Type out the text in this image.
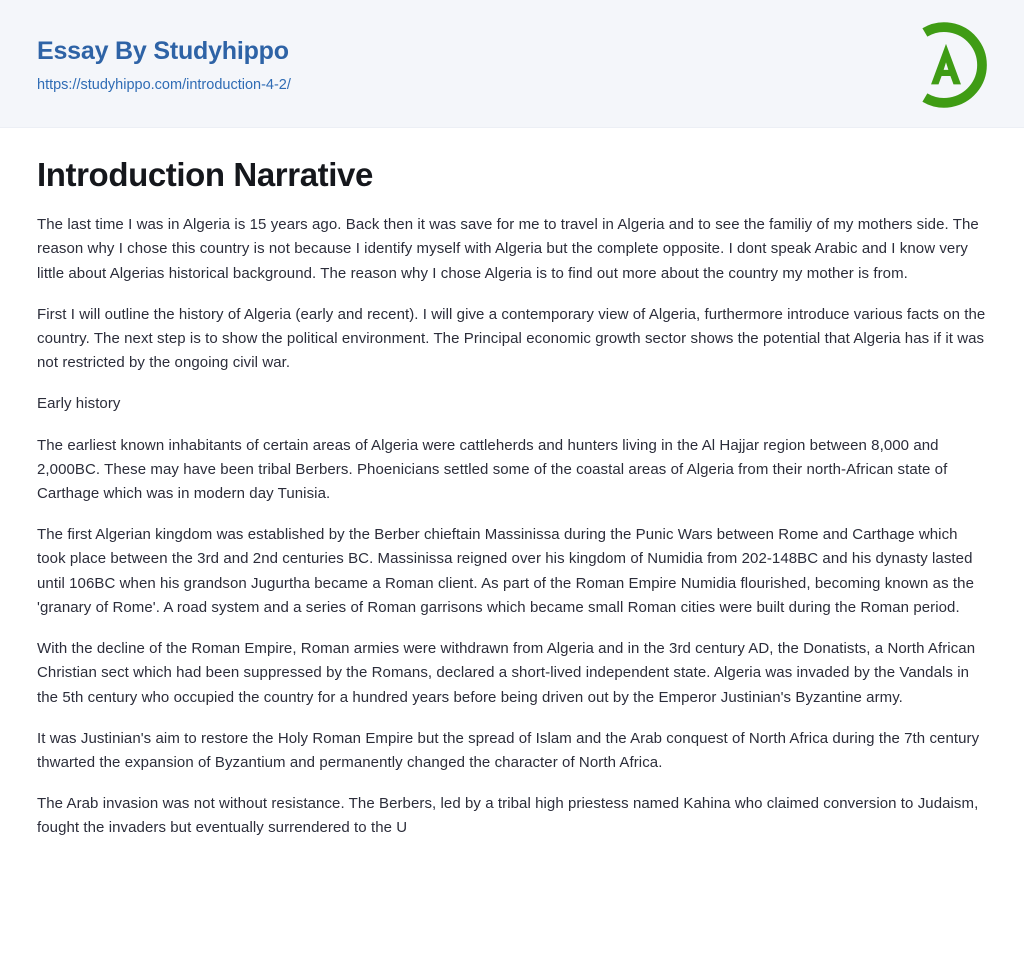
Essay By Studyhippo
https://studyhippo.com/introduction-4-2/
Introduction Narrative

The last time I was in Algeria is 15 years ago. Back then it was save for me to travel in Algeria and to see the familiy of my mothers side. The reason why I chose this country is not because I identify myself with Algeria but the complete opposite. I dont speak Arabic and I know very little about Algerias historical background. The reason why I chose Algeria is to find out more about the country my mother is from.

First I will outline the history of Algeria (early and recent). I will give a contemporary view of Algeria, furthermore introduce various facts on the country. The next step is to show the political environment. The Principal economic growth sector shows the potential that Algeria has if it was not restricted by the ongoing civil war.

Early history

The earliest known inhabitants of certain areas of Algeria were cattleherds and hunters living in the Al Hajjar region between 8,000 and 2,000BC. These may have been tribal Berbers. Phoenicians settled some of the coastal areas of Algeria from their north-African state of Carthage which was in modern day Tunisia.

The first Algerian kingdom was established by the Berber chieftain Massinissa during the Punic Wars between Rome and Carthage which took place between the 3rd and 2nd centuries BC. Massinissa reigned over his kingdom of Numidia from 202-148BC and his dynasty lasted until 106BC when his grandson Jugurtha became a Roman client. As part of the Roman Empire Numidia flourished, becoming known as the 'granary of Rome'. A road system and a series of Roman garrisons which became small Roman cities were built during the Roman period.

With the decline of the Roman Empire, Roman armies were withdrawn from Algeria and in the 3rd century AD, the Donatists, a North African Christian sect which had been suppressed by the Romans, declared a short-lived independent state. Algeria was invaded by the Vandals in the 5th century who occupied the country for a hundred years before being driven out by the Emperor Justinian's Byzantine army.

It was Justinian's aim to restore the Holy Roman Empire but the spread of Islam and the Arab conquest of North Africa during the 7th century thwarted the expansion of Byzantium and permanently changed the character of North Africa.

The Arab invasion was not without resistance. The Berbers, led by a tribal high priestess named Kahina who claimed conversion to Judaism, fought the invaders but eventually surrendered to the U
